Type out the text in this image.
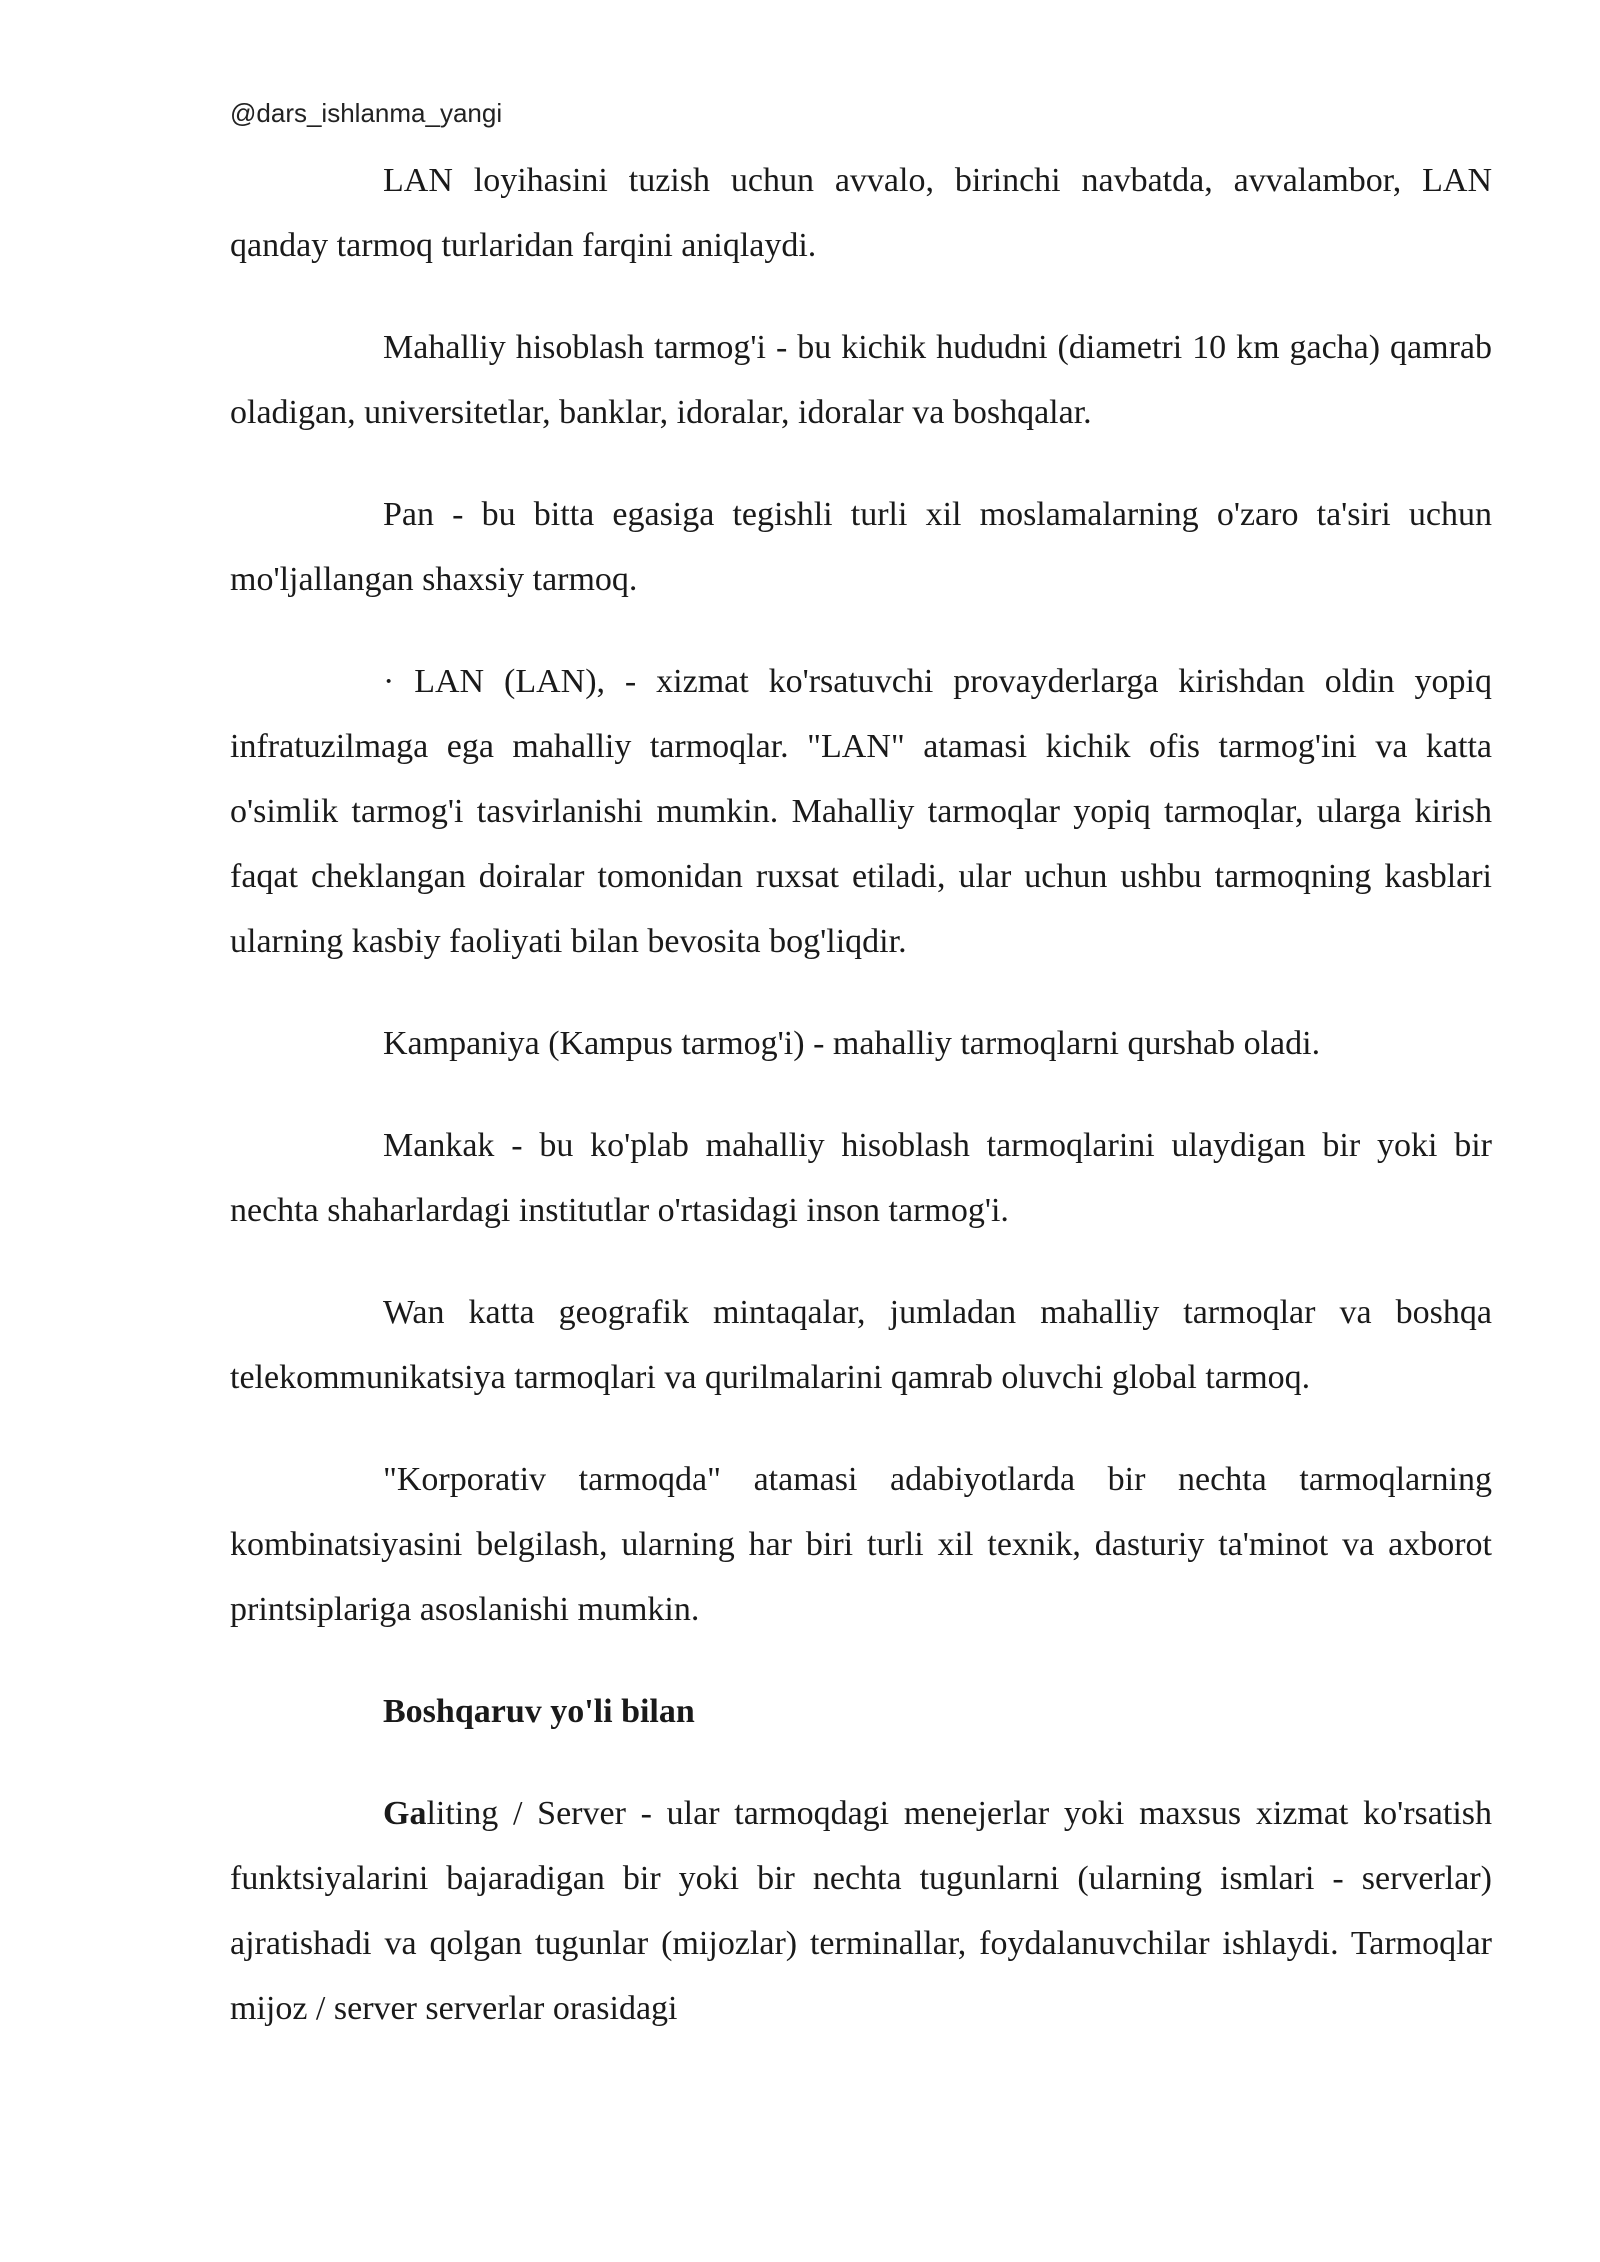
@dars_ishlanma_yangi

LAN loyihasini tuzish uchun avvalo, birinchi navbatda, avvalambor, LAN qanday tarmoq turlaridan farqini aniqlaydi.

Mahalliy hisoblash tarmog'i - bu kichik hududni (diametri 10 km gacha) qamrab oladigan, universitetlar, banklar, idoralar, idoralar va boshqalar.

Pan - bu bitta egasiga tegishli turli xil moslamalarning o'zaro ta'siri uchun mo'ljallangan shaxsiy tarmoq.

· LAN (LAN), - xizmat ko'rsatuvchi provayderlarga kirishdan oldin yopiq infratuzilmaga ega mahalliy tarmoqlar. "LAN" atamasi kichik ofis tarmog'ini va katta o'simlik tarmog'i tasvirlanishi mumkin. Mahalliy tarmoqlar yopiq tarmoqlar, ularga kirish faqat cheklangan doiralar tomonidan ruxsat etiladi, ular uchun ushbu tarmoqning kasblari ularning kasbiy faoliyati bilan bevosita bog'liqdir.

Kampaniya (Kampus tarmog'i) - mahalliy tarmoqlarni qurshab oladi.

Mankak - bu ko'plab mahalliy hisoblash tarmoqlarini ulaydigan bir yoki bir nechta shaharlardagi institutlar o'rtasidagi inson tarmog'i.

Wan katta geografik mintaqalar, jumladan mahalliy tarmoqlar va boshqa telekommunikatsiya tarmoqlari va qurilmalarini qamrab oluvchi global tarmoq.

"Korporativ tarmoqda" atamasi adabiyotlarda bir nechta tarmoqlarning kombinatsiyasini belgilash, ularning har biri turli xil texnik, dasturiy ta'minot va axborot printsiplariga asoslanishi mumkin.

Boshqaruv yo'li bilan

Galiting / Server - ular tarmoqdagi menejerlar yoki maxsus xizmat ko'rsatish funktsiyalarini bajaradigan bir yoki bir nechta tugunlarni (ularning ismlari - serverlar) ajratishadi va qolgan tugunlar (mijozlar) terminallar, foydalanuvchilar ishlaydi. Tarmoqlar mijoz / server serverlar orasidagi
